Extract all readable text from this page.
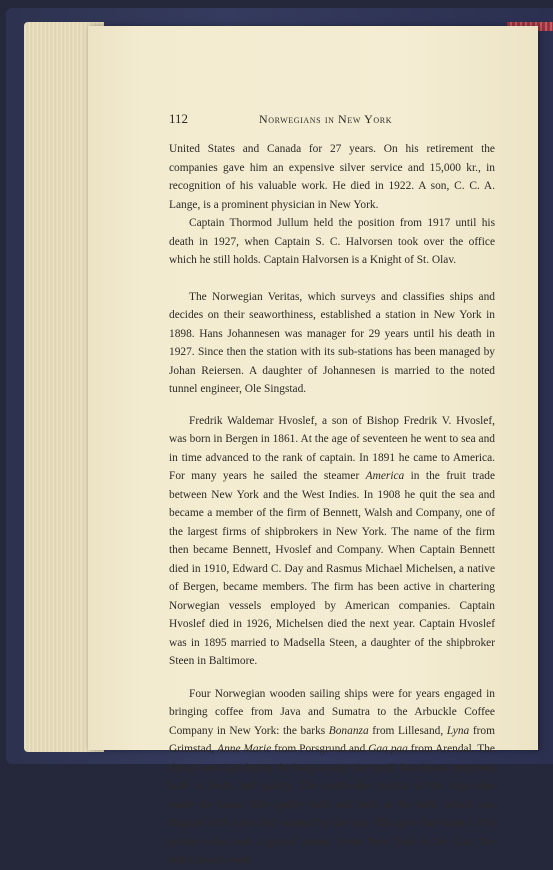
112	Norwegians in New York

United States and Canada for 27 years. On his retirement the companies gave him an expensive silver service and 15,000 kr., in recognition of his valuable work. He died in 1922. A son, C. C. A. Lange, is a prominent physician in New York.

Captain Thormod Jullum held the position from 1917 until his death in 1927, when Captain S. C. Halvorsen took over the office which he still holds. Captain Halvorsen is a Knight of St. Olav.

The Norwegian Veritas, which surveys and classifies ships and decides on their seaworthiness, established a station in New York in 1898. Hans Johannesen was manager for 29 years until his death in 1927. Since then the station with its sub-stations has been managed by Johan Reiersen. A daughter of Johannesen is married to the noted tunnel engineer, Ole Singstad.

Fredrik Waldemar Hvoslef, a son of Bishop Fredrik V. Hvoslef, was born in Bergen in 1861. At the age of seventeen he went to sea and in time advanced to the rank of captain. In 1891 he came to America. For many years he sailed the steamer America in the fruit trade between New York and the West Indies. In 1908 he quit the sea and became a member of the firm of Bennett, Walsh and Company, one of the largest firms of shipbrokers in New York. The name of the firm then became Bennett, Hvoslef and Company. When Captain Bennett died in 1910, Edward C. Day and Rasmus Michael Michelsen, a native of Bergen, became members. The firm has been active in chartering Norwegian vessels employed by American companies. Captain Hvoslef died in 1926, Michelsen died the next year. Captain Hvoslef was in 1895 married to Madsella Steen, a daughter of the shipbroker Steen in Baltimore.

Four Norwegian wooden sailing ships were for years engaged in bringing coffee from Java and Sumatra to the Arbuckle Coffee Company in New York: the barks Bonanza from Lillesand, Lyna from Grimstad, Anne Marie from Porsgrund and Gaa paa from Arendal. The theory was that during the long voyage the small Java beans improved both in looks and quality. The cradle-like motion of the ships also made the beans slide gently back and forth in the hold, which was fragrant with resin and warmed by the sun. This gave the beans a fine golden color and a special aroma. From New York to the East, the ships always went
